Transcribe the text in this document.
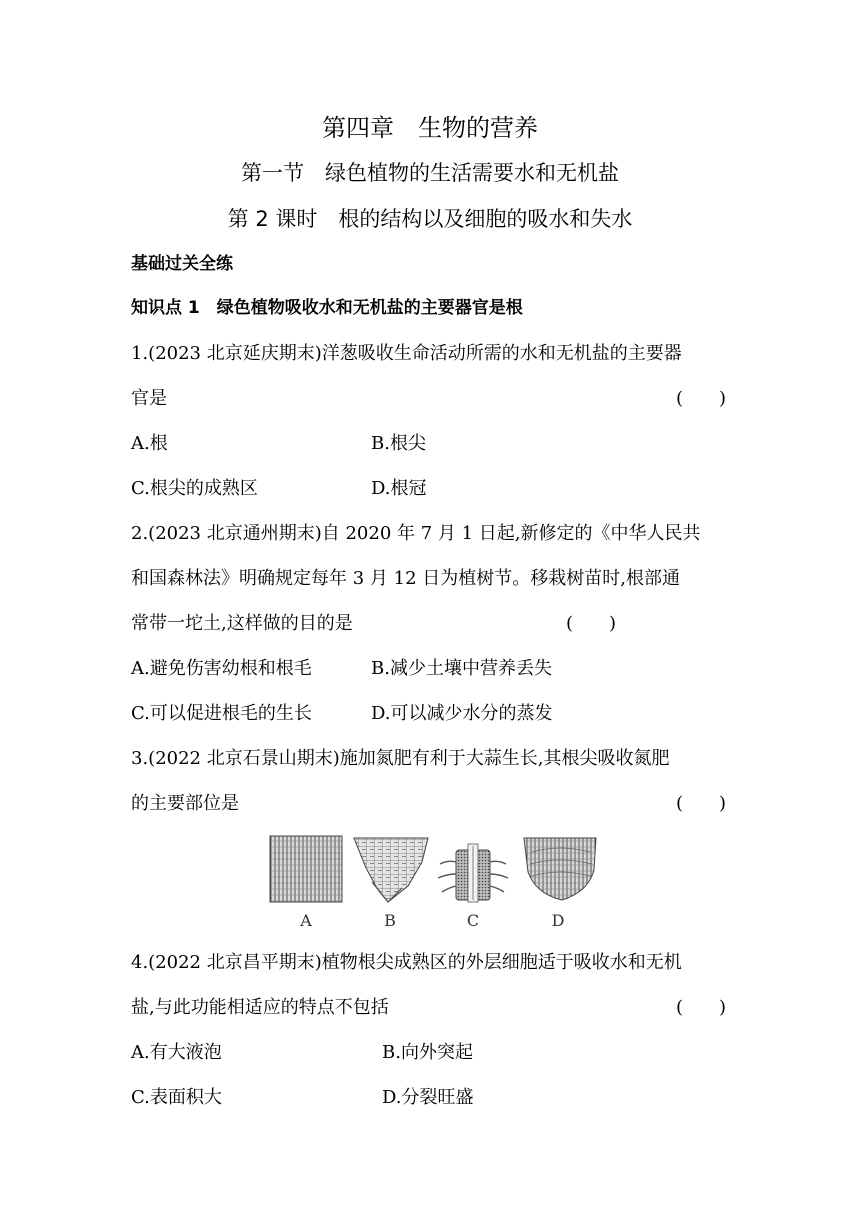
第四章　生物的营养
第一节　绿色植物的生活需要水和无机盐
第 2 课时　根的结构以及细胞的吸水和失水
基础过关全练
知识点 1　绿色植物吸收水和无机盐的主要器官是根
1.(2023 北京延庆期末)洋葱吸收生命活动所需的水和无机盐的主要器
官是	(　　)
A.根	B.根尖
C.根尖的成熟区	D.根冠
2.(2023 北京通州期末)自 2020 年 7 月 1 日起,新修定的《中华人民共
和国森林法》明确规定每年 3 月 12 日为植树节。移栽树苗时,根部通
常带一坨土,这样做的目的是	(　　)
A.避免伤害幼根和根毛	B.减少土壤中营养丢失
C.可以促进根毛的生长	D.可以减少水分的蒸发
3.(2022 北京石景山期末)施加氮肥有利于大蒜生长,其根尖吸收氮肥
的主要部位是	(　　)
A	B	C	D
4.(2022 北京昌平期末)植物根尖成熟区的外层细胞适于吸收水和无机
盐,与此功能相适应的特点不包括	(　　)
A.有大液泡	B.向外突起
C.表面积大	D.分裂旺盛
